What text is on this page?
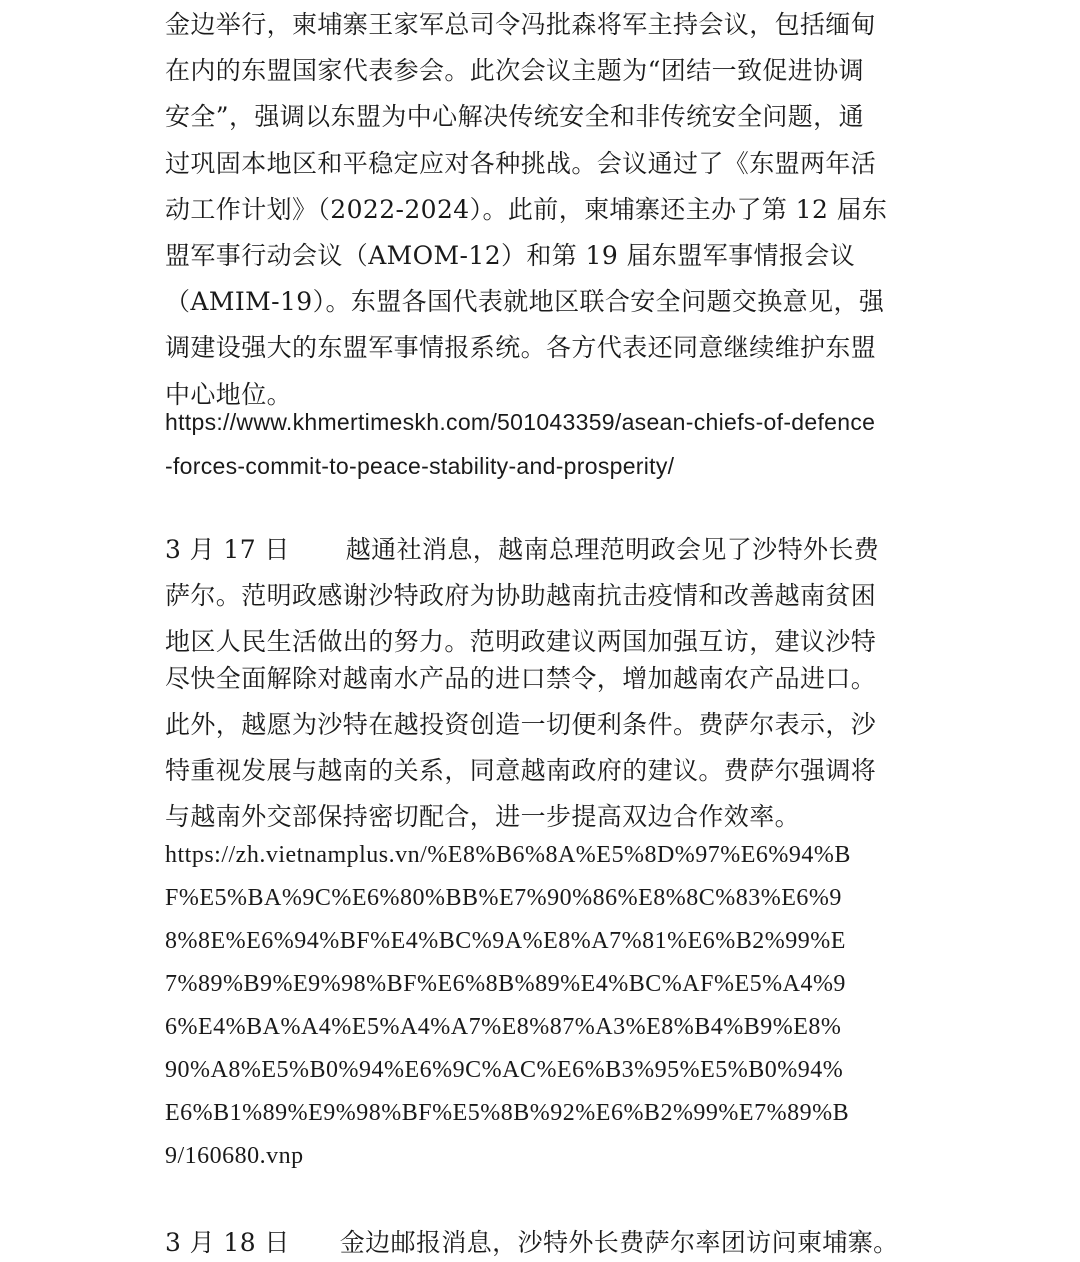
金边举行，柬埔寨王家军总司令冯批森将军主持会议，包括缅甸
在内的东盟国家代表参会。此次会议主题为“团结一致促进协调
安全”，强调以东盟为中心解决传统安全和非传统安全问题，通
过巩固本地区和平稳定应对各种挑战。会议通过了《东盟两年活
动工作计划》（2022-2024）。此前，柬埔寨还主办了第 12 届东
盟军事行动会议（AMOM-12）和第 19 届东盟军事情报会议
（AMIM-19）。东盟各国代表就地区联合安全问题交换意见，强
调建设强大的东盟军事情报系统。各方代表还同意继续维护东盟
中心地位。
https://www.khmertimeskh.com/501043359/asean-chiefs-of-defence
-forces-commit-to-peace-stability-and-prosperity/
3 月 17 日 越通社消息，越南总理范明政会见了沙特外长费
萨尔。范明政感谢沙特政府为协助越南抗击疫情和改善越南贫困
地区人民生活做出的努力。范明政建议两国加强互访，建议沙特
尽快全面解除对越南水产品的进口禁令，增加越南农产品进口。
此外，越愿为沙特在越投资创造一切便利条件。费萨尔表示，沙
特重视发展与越南的关系，同意越南政府的建议。费萨尔强调将
与越南外交部保持密切配合，进一步提高双边合作效率。
https://zh.vietnamplus.vn/%E8%B6%8A%E5%8D%97%E6%94%B
F%E5%BA%9C%E6%80%BB%E7%90%86%E8%8C%83%E6%9
8%8E%E6%94%BF%E4%BC%9A%E8%A7%81%E6%B2%99%E
7%89%B9%E9%98%BF%E6%8B%89%E4%BC%AF%E5%A4%9
6%E4%BA%A4%E5%A4%A7%E8%87%A3%E8%B4%B9%E8%
90%A8%E5%B0%94%E6%9C%AC%E6%B3%95%E5%B0%94%
E6%B1%89%E9%98%BF%E5%8B%92%E6%B2%99%E7%89%B
9/160680.vnp
3 月 18 日 金边邮报消息，沙特外长费萨尔率团访问柬埔寨。
